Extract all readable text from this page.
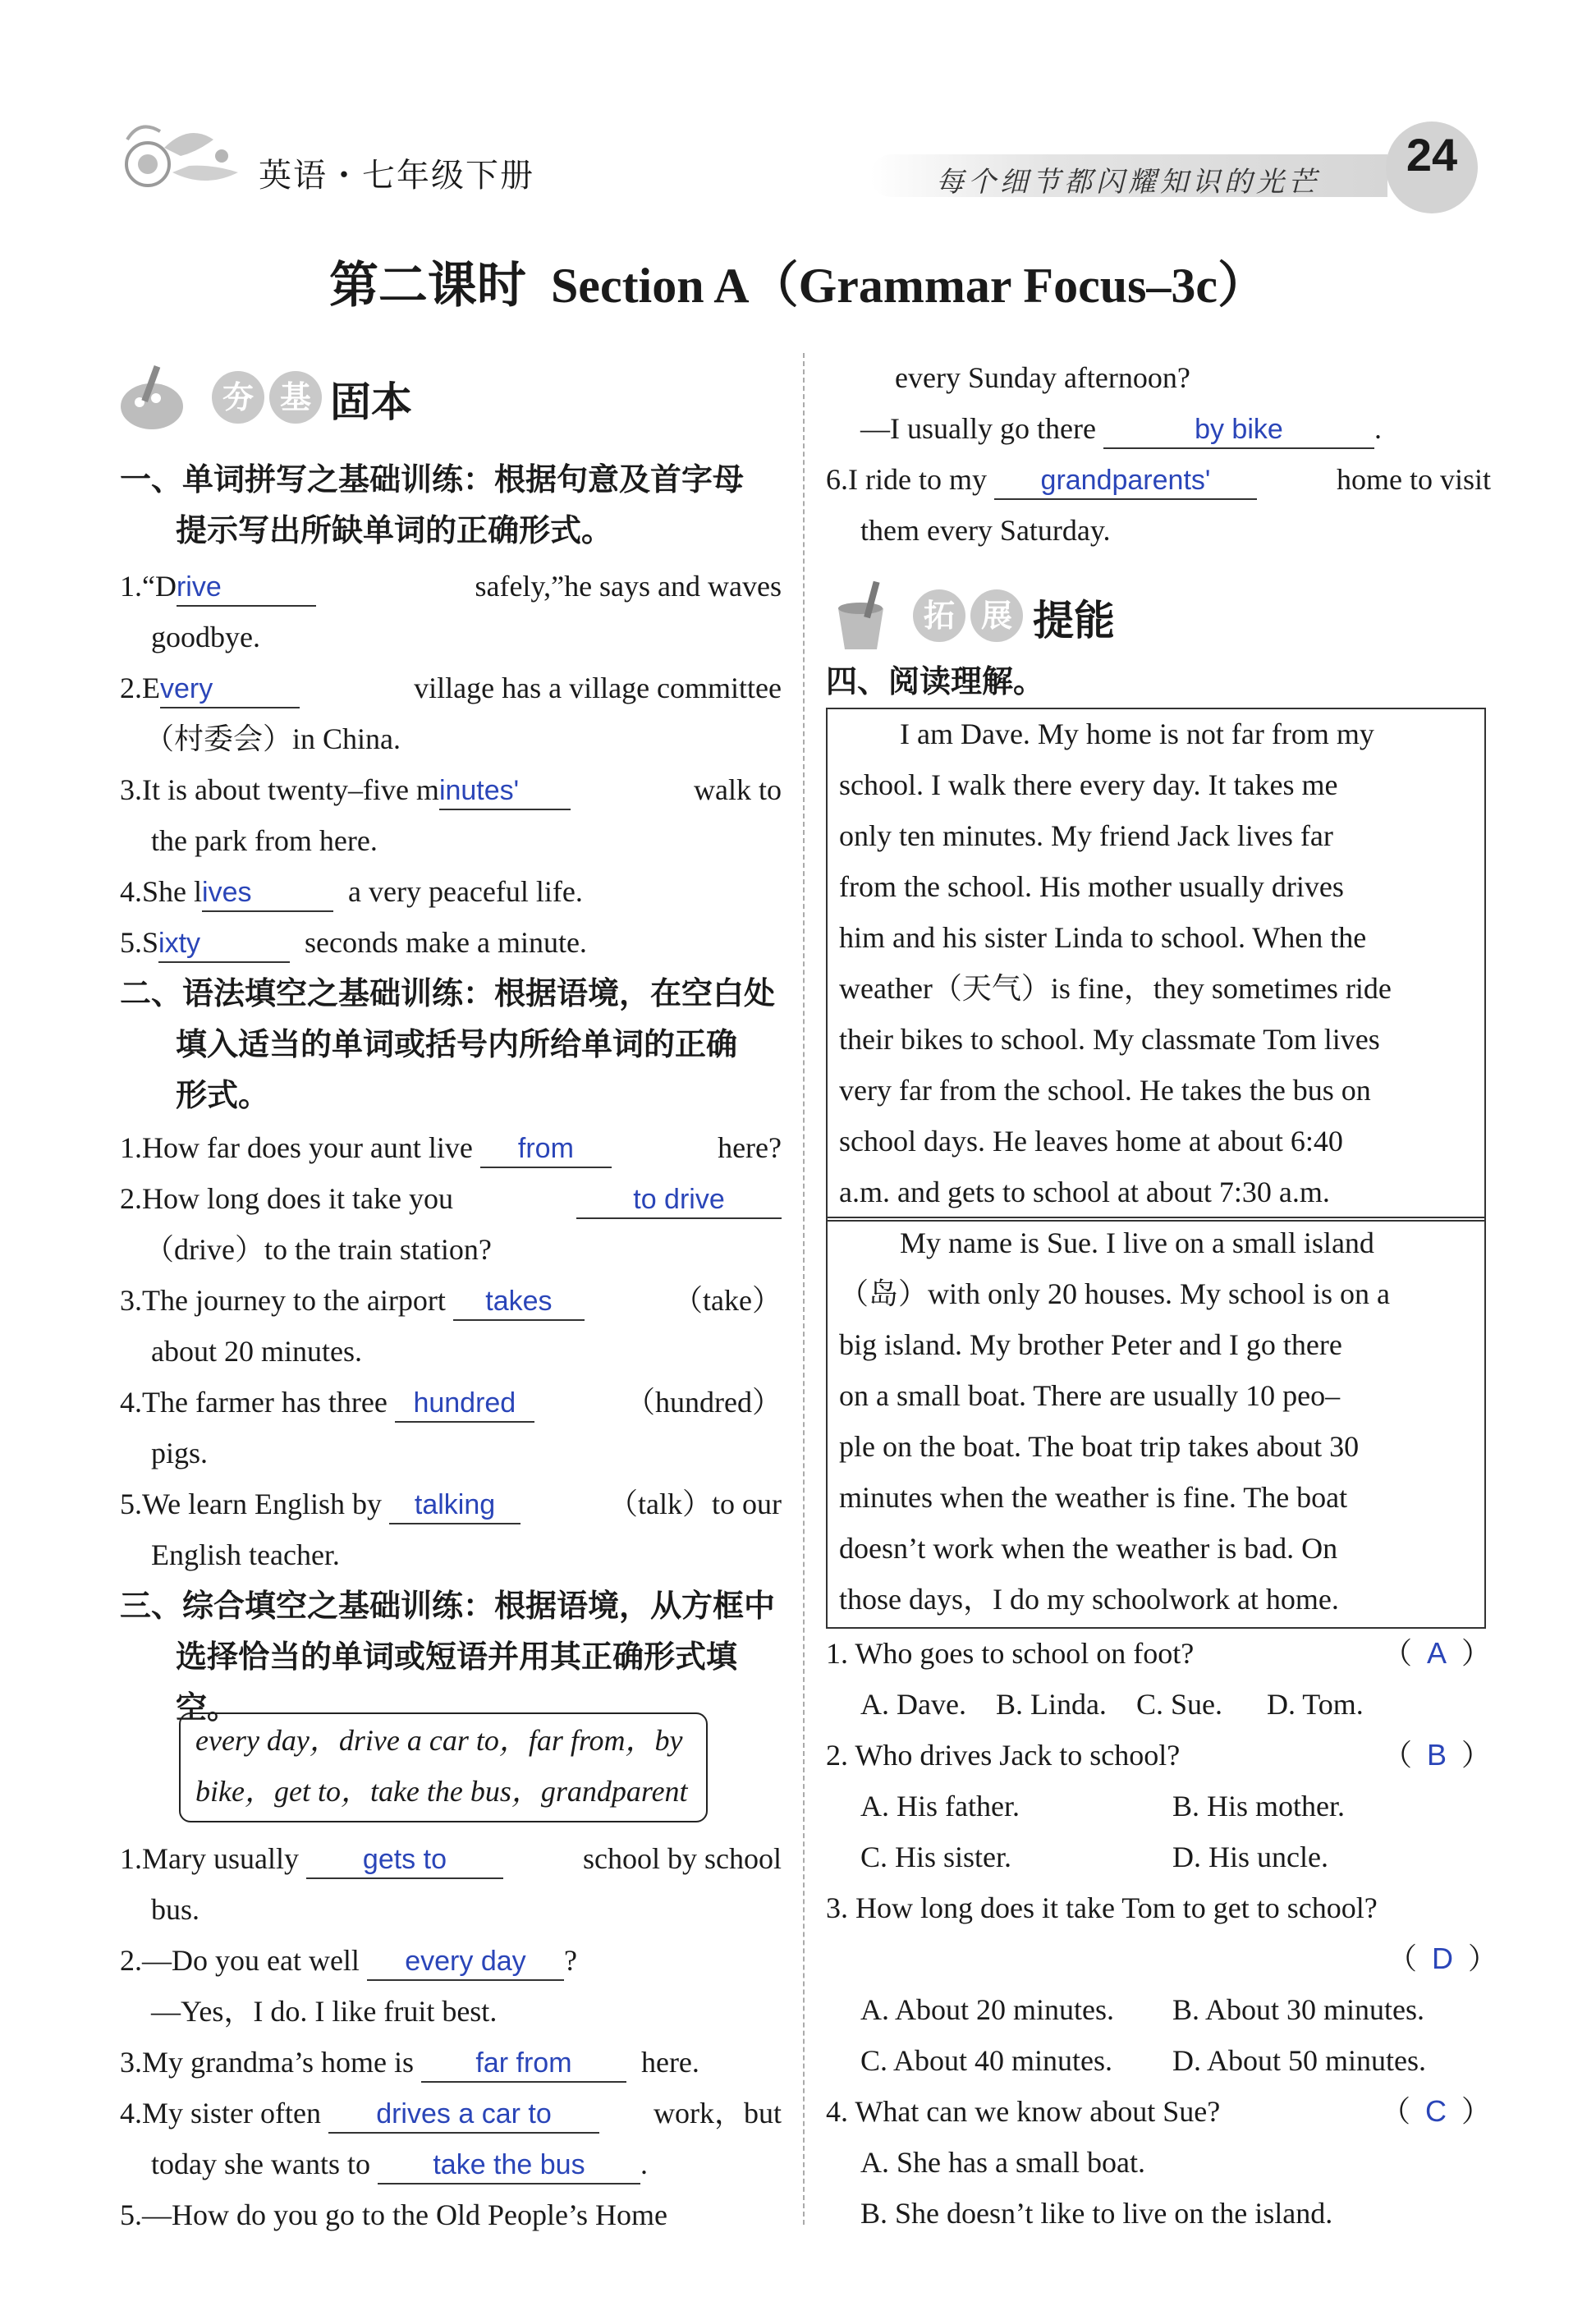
英语・七年级下册	每个细节都闪耀知识的光芒
24
第二课时 Section A（Grammar Focus–3c）
夯 基 固本
一、单词拼写之基础训练：根据句意及首字母
提示写出所缺单词的正确形式。
1.“Drive	safely,”he says and waves
goodbye.
2.Every	village has a village committee
（村委会）in China.
3.It is about twenty–five minutes'	walk to
the park from here.
4.She lives	a very peaceful life.
5.Sixty	seconds make a minute.
二、语法填空之基础训练：根据语境，在空白处
填入适当的单词或括号内所给单词的正确
形式。
1.How far does your aunt live from	here?
2.How long does it take you	to drive
（drive）to the train station?
3.The journey to the airport takes	（take）
about 20 minutes.
4.The farmer has three hundred	（hundred）
pigs.
5.We learn English by talking	（talk）to our
English teacher.
三、综合填空之基础训练：根据语境，从方框中
选择恰当的单词或短语并用其正确形式填
空。
every day，drive a car to，far from，by
bike，get to，take the bus，grandparent
1.Mary usually gets to	school by school
bus.
2.—Do you eat well every day ?
—Yes，I do. I like fruit best.
3.My grandma’s home is far from here.
4.My sister often drives a car to	work，but
today she wants to take the bus .
5.—How do you go to the Old People’s Home
every Sunday afternoon?
—I usually go there	by bike	.
6.I ride to my grandparents'	home to visit
them every Saturday.
拓 展 提能
四、阅读理解。
I am Dave. My home is not far from my
school. I walk there every day. It takes me
only ten minutes. My friend Jack lives far
from the school. His mother usually drives
him and his sister Linda to school. When the
weather（天气）is fine，they sometimes ride
their bikes to school. My classmate Tom lives
very far from the school. He takes the bus on
school days. He leaves home at about 6:40
a.m. and gets to school at about 7:30 a.m.
My name is Sue. I live on a small island
（岛）with only 20 houses. My school is on a
big island. My brother Peter and I go there
on a small boat. There are usually 10 peo–
ple on the boat. The boat trip takes about 30
minutes when the weather is fine. The boat
doesn’t work when the weather is bad. On
those days，I do my schoolwork at home.
1. Who goes to school on foot?	（  A  ）
A. Dave. B. Linda. C. Sue. D. Tom.
2. Who drives Jack to school?	（  B  ）
A. His father.	B. His mother.
C. His sister.	D. His uncle.
3. How long does it take Tom to get to school?
（  D  ）
A. About 20 minutes. B. About 30 minutes.
C. About 40 minutes. D. About 50 minutes.
4. What can we know about Sue?	（  C  ）
A. She has a small boat.
B. She doesn’t like to live on the island.
